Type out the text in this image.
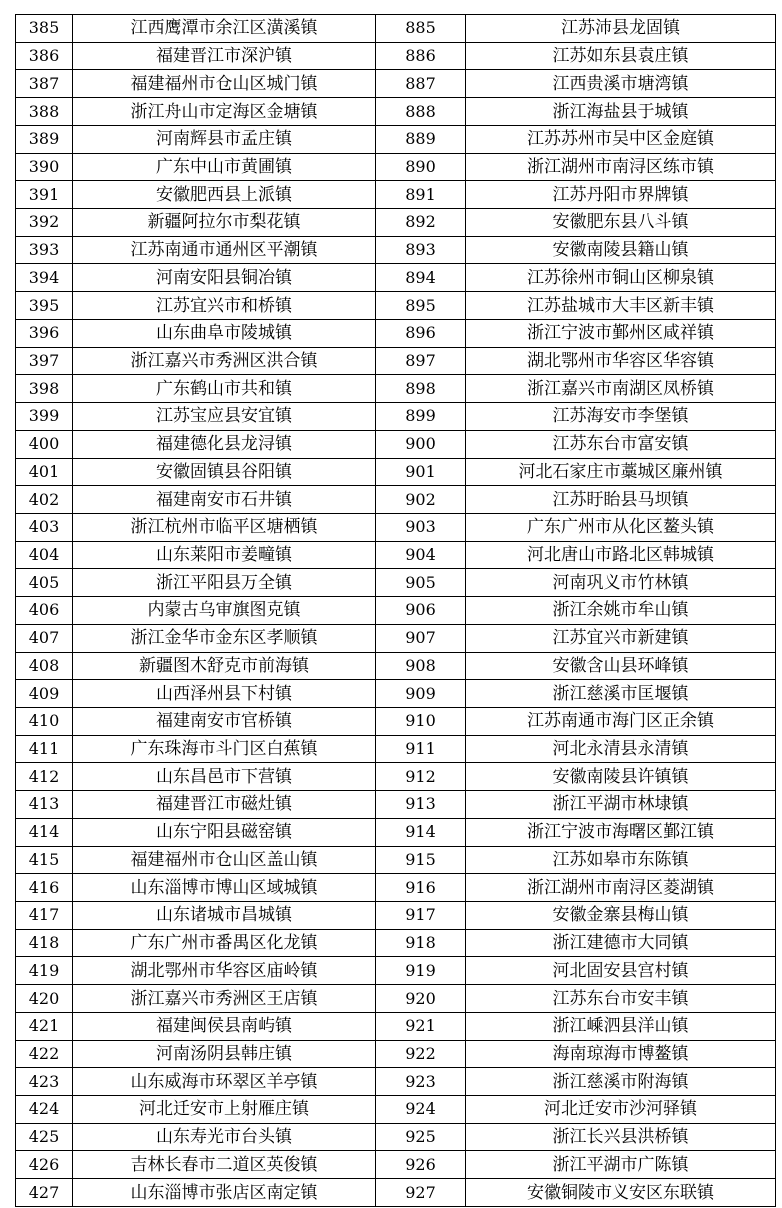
385	江西鹰潭市余江区潢溪镇	885	江苏沛县龙固镇
386	福建晋江市深沪镇	886	江苏如东县袁庄镇
387	福建福州市仓山区城门镇	887	江西贵溪市塘湾镇
388	浙江舟山市定海区金塘镇	888	浙江海盐县于城镇
389	河南辉县市孟庄镇	889	江苏苏州市吴中区金庭镇
390	广东中山市黄圃镇	890	浙江湖州市南浔区练市镇
391	安徽肥西县上派镇	891	江苏丹阳市界牌镇
392	新疆阿拉尔市梨花镇	892	安徽肥东县八斗镇
393	江苏南通市通州区平潮镇	893	安徽南陵县籍山镇
394	河南安阳县铜冶镇	894	江苏徐州市铜山区柳泉镇
395	江苏宜兴市和桥镇	895	江苏盐城市大丰区新丰镇
396	山东曲阜市陵城镇	896	浙江宁波市鄞州区咸祥镇
397	浙江嘉兴市秀洲区洪合镇	897	湖北鄂州市华容区华容镇
398	广东鹤山市共和镇	898	浙江嘉兴市南湖区凤桥镇
399	江苏宝应县安宜镇	899	江苏海安市李堡镇
400	福建德化县龙浔镇	900	江苏东台市富安镇
401	安徽固镇县谷阳镇	901	河北石家庄市藁城区廉州镇
402	福建南安市石井镇	902	江苏盱眙县马坝镇
403	浙江杭州市临平区塘栖镇	903	广东广州市从化区鳌头镇
404	山东莱阳市姜疃镇	904	河北唐山市路北区韩城镇
405	浙江平阳县万全镇	905	河南巩义市竹林镇
406	内蒙古乌审旗图克镇	906	浙江余姚市牟山镇
407	浙江金华市金东区孝顺镇	907	江苏宜兴市新建镇
408	新疆图木舒克市前海镇	908	安徽含山县环峰镇
409	山西泽州县下村镇	909	浙江慈溪市匡堰镇
410	福建南安市官桥镇	910	江苏南通市海门区正余镇
411	广东珠海市斗门区白蕉镇	911	河北永清县永清镇
412	山东昌邑市下营镇	912	安徽南陵县许镇镇
413	福建晋江市磁灶镇	913	浙江平湖市林埭镇
414	山东宁阳县磁窑镇	914	浙江宁波市海曙区鄞江镇
415	福建福州市仓山区盖山镇	915	江苏如皋市东陈镇
416	山东淄博市博山区域城镇	916	浙江湖州市南浔区菱湖镇
417	山东诸城市昌城镇	917	安徽金寨县梅山镇
418	广东广州市番禺区化龙镇	918	浙江建德市大同镇
419	湖北鄂州市华容区庙岭镇	919	河北固安县宫村镇
420	浙江嘉兴市秀洲区王店镇	920	江苏东台市安丰镇
421	福建闽侯县南屿镇	921	浙江嵊泗县洋山镇
422	河南汤阴县韩庄镇	922	海南琼海市博鳌镇
423	山东威海市环翠区羊亭镇	923	浙江慈溪市附海镇
424	河北迁安市上射雁庄镇	924	河北迁安市沙河驿镇
425	山东寿光市台头镇	925	浙江长兴县洪桥镇
426	吉林长春市二道区英俊镇	926	浙江平湖市广陈镇
427	山东淄博市张店区南定镇	927	安徽铜陵市义安区东联镇
